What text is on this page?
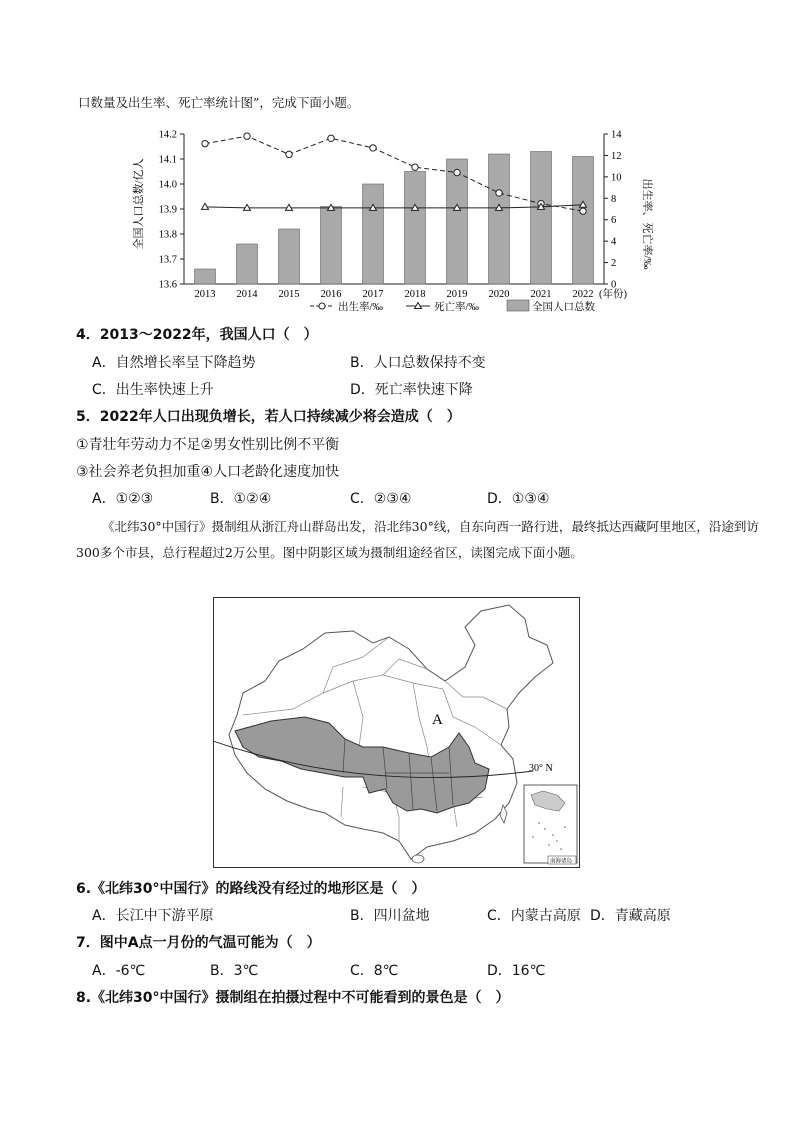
口数量及出生率、死亡率统计图”，完成下面小题。
全国人口总数/亿人	出生率、死亡率/‰
14.2
14.1
14.0
13.9
13.8
13.7
13.6
14
12
10
8
6
4
2
0
2013 2014 2015 2016 2017 2018 2019 2020 2021 2022 (年份)
出生率/‰	死亡率/‰	全国人口总数
4．2013～2022年，我国人口（　）
A．自然增长率呈下降趋势	B．人口总数保持不变
C．出生率快速上升	D．死亡率快速下降
5．2022年人口出现负增长，若人口持续减少将会造成（　）
①青壮年劳动力不足②男女性别比例不平衡
③社会养老负担加重④人口老龄化速度加快
A．①②③	B．①②④	C．②③④	D．①③④
《北纬30°中国行》摄制组从浙江舟山群岛出发，沿北纬30°线，自东向西一路行进，最终抵达西藏阿里地区，沿途到访300多个市县，总行程超过2万公里。图中阴影区域为摄制组途经省区，读图完成下面小题。
30° N
A
南海诸岛
6.《北纬30°中国行》的路线没有经过的地形区是（　）
A．长江中下游平原	B．四川盆地	C．内蒙古高原 D．青藏高原
7．图中A点一月份的气温可能为（　）
A．-6℃	B．3℃	C．8℃	D．16℃
8.《北纬30°中国行》摄制组在拍摄过程中不可能看到的景色是（　）
